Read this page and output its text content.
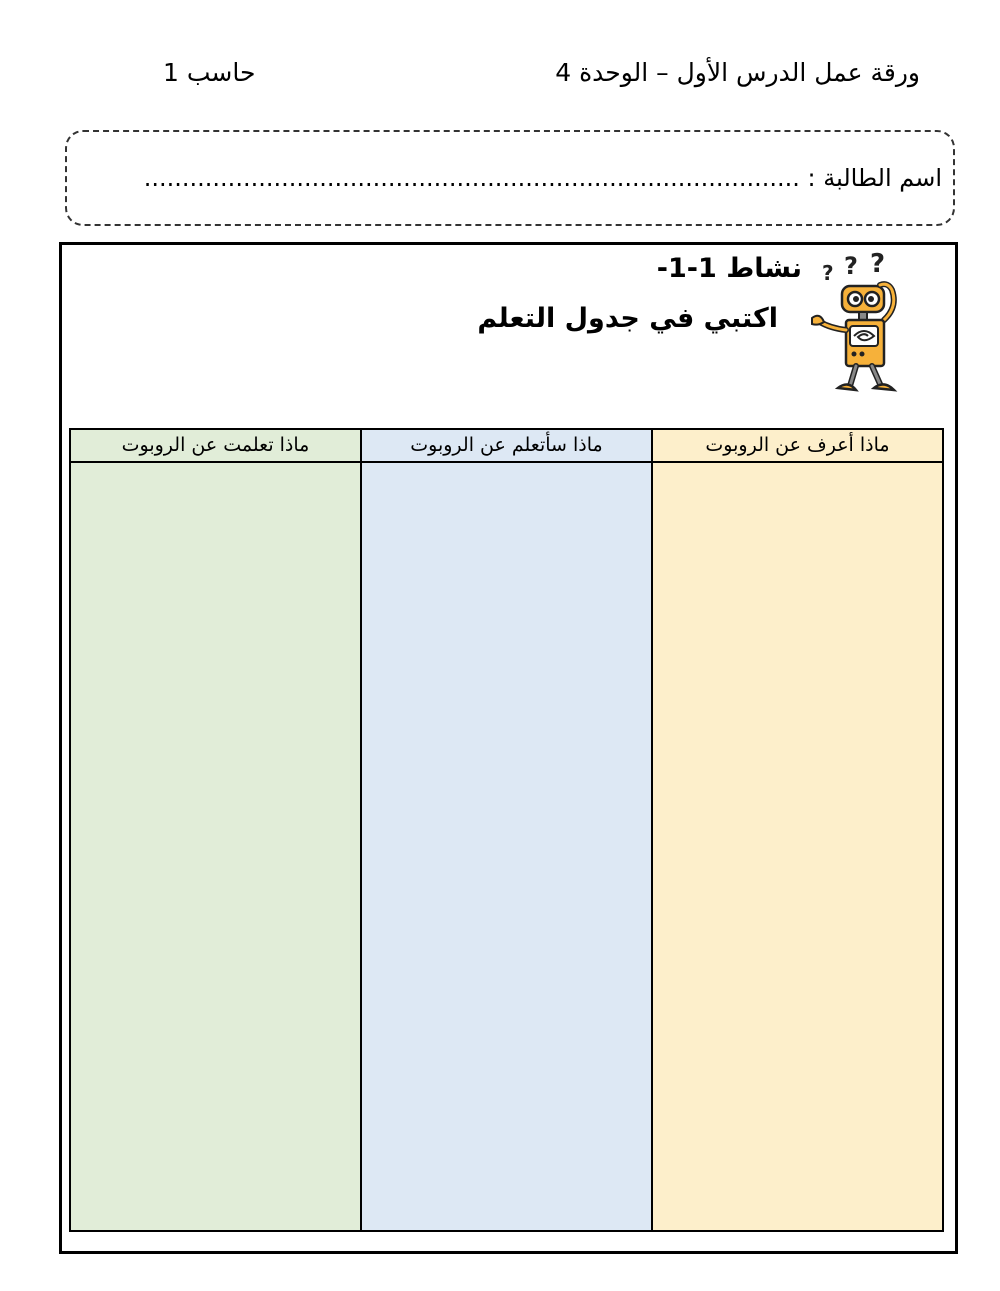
ورقة عمل الدرس الأول – الوحدة 4
حاسب 1
اسم الطالبة : ......................................................................................
نشاط 1-1-
اكتبي في جدول التعلم
? ? ?
ماذا أعرف عن الروبوت
ماذا سأتعلم عن الروبوت
ماذا تعلمت عن الروبوت
